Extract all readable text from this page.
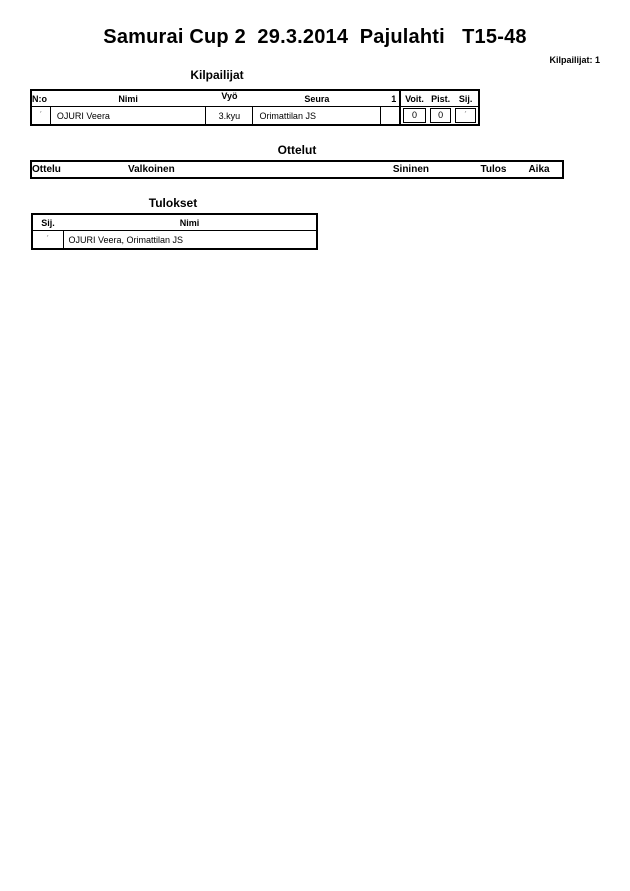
Samurai Cup 2  29.3.2014  Pajulahti   T15-48
Kilpailijat: 1
Kilpailijat
N:o	Nimi	Vyö	Seura	1	Voit.	Pist.	Sij.
´	OJURI Veera	3.kyu	Orimattilan JS		0	0	´
Ottelut
Ottelu	Valkoinen	Sininen	Tulos	Aika
Tulokset
Sij.	Nimi
´	OJURI Veera, Orimattilan JS
